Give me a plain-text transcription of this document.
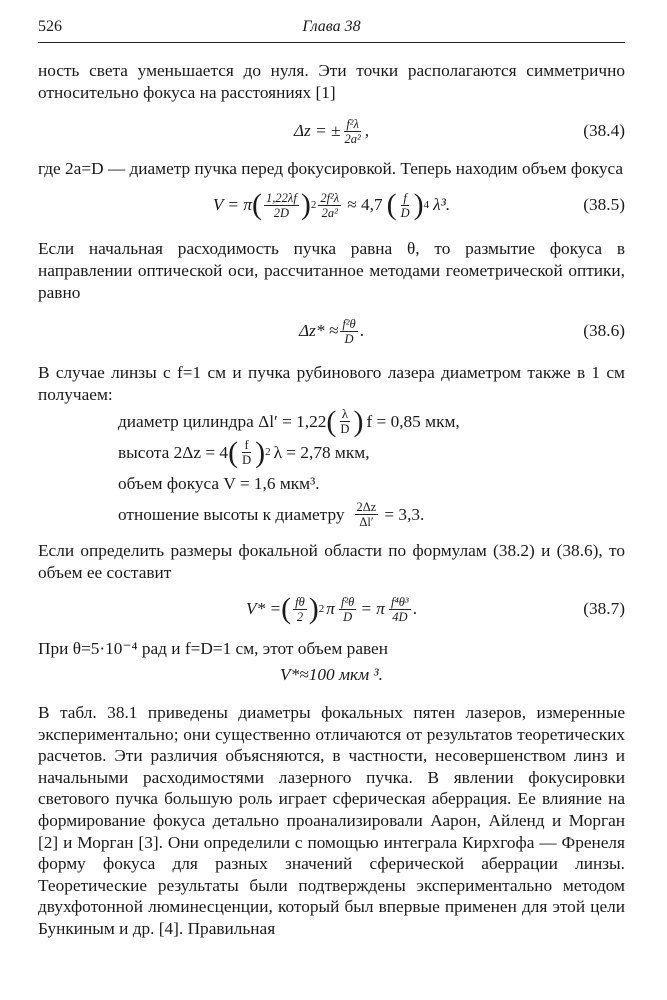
526	Глава 38
ность света уменьшается до нуля. Эти точки располагаются симметрично относительно фокуса на расстояниях [1]
Δz = ± $\frac{\text{f²λ}}{\text{2a²}}$ ,	(38.4)
где 2a=D — диаметр пучка перед фокусировкой. Теперь находим объем фокуса
V = π ( $\frac{1,22\lambda f}{2D}$ ) $2 \frac{\text{2f²λ}}{\text{2a²}} \approx 4,7$ ( $\frac{f}{D}$ ) 4 λ³.	(38.5)
Если начальная расходимость пучка равна θ, то размытие фокуса в направлении оптической оси, рассчитанное методами геометрической оптики, равно
$\Delta z* \approx \frac{\text{f²θ}}{D}$ .	(38.6)
В случае линзы с f=1 см и пучка рубинового лазера диаметром также в 1 см получаем:
диаметр цилиндра Δl′ = 1,22 ( $\frac{\lambda}{D}$ ) f = 0,85 мкм,
высота 2Δz = 4 ( $\frac{f}{D}$ ) 2 λ = 2,78 мкм,
объем фокуса V = 1,6 мкм³.
отношение высоты к диаметру $\frac{2\Delta z}{\Delta l'} = 3,3$.
Если определить размеры фокальной области по формулам (38.2) и (38.6), то объем ее составит
V* = ( $\frac{f\theta}{2}$ ) 2 π $\frac{\text{f²θ}}{D} = \pi \frac{\text{f⁴θ³}}{4D}$ .	(38.7)
При θ=5·10⁻⁴ рад и f=D=1 см, этот объем равен
V*≈100 мкм ³.
В табл. 38.1 приведены диаметры фокальных пятен лазеров, измеренные экспериментально; они существенно отличаются от результатов теоретических расчетов. Эти различия объясняются, в частности, несовершенством линз и начальными расходимостями лазерного пучка. В явлении фокусировки светового пучка большую роль играет сферическая аберрация. Ее влияние на формирование фокуса детально проанализировали Аарон, Айленд и Морган [2] и Морган [3]. Они определили с помощью интеграла Кирхгофа — Френеля форму фокуса для разных значений сферической аберрации линзы. Теоретические результаты были подтверждены экспериментально методом двухфотонной люминесценции, который был впервые применен для этой цели Бункиным и др. [4]. Правильная
